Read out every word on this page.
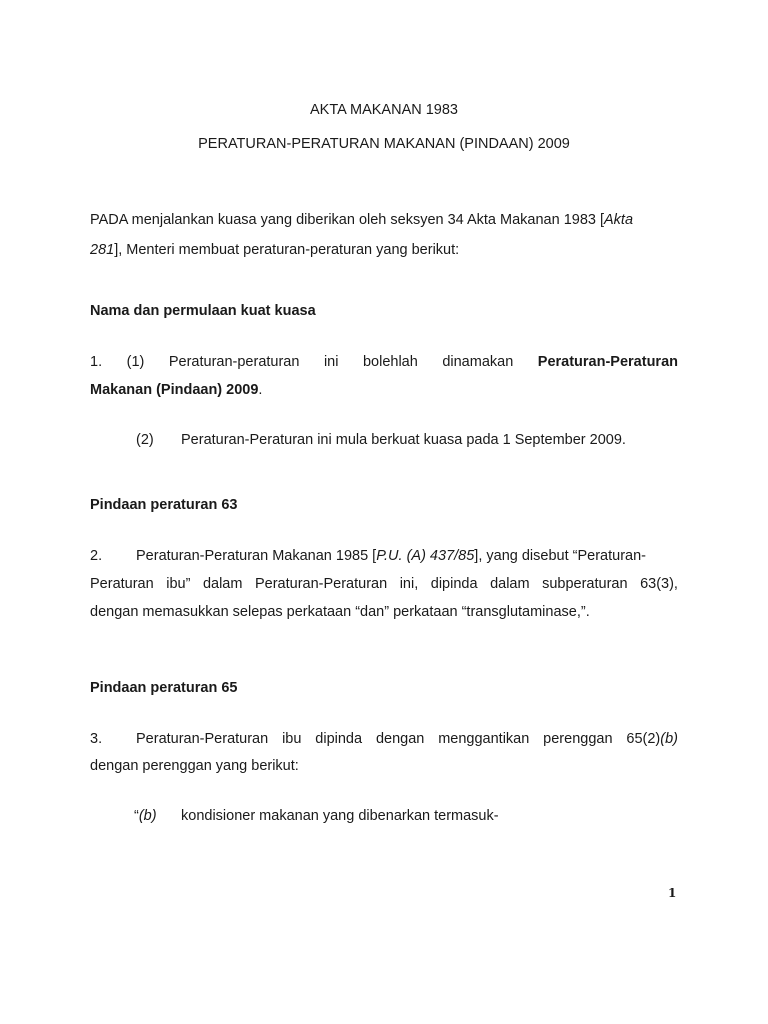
AKTA MAKANAN 1983
PERATURAN-PERATURAN MAKANAN (PINDAAN) 2009
PADA menjalankan kuasa yang diberikan oleh seksyen 34 Akta Makanan 1983 [Akta
281], Menteri membuat peraturan-peraturan yang berikut:
Nama dan permulaan kuat kuasa
1. (1) Peraturan-peraturan ini bolehlah dinamakan Peraturan-Peraturan
Makanan (Pindaan) 2009.
(2) Peraturan-Peraturan ini mula berkuat kuasa pada 1 September 2009.
Pindaan peraturan 63
2. Peraturan-Peraturan Makanan 1985 [P.U. (A) 437/85], yang disebut “Peraturan-
Peraturan ibu” dalam Peraturan-Peraturan ini, dipinda dalam subperaturan 63(3),
dengan memasukkan selepas perkataan “dan” perkataan “transglutaminase,”.
Pindaan peraturan 65
3. Peraturan-Peraturan ibu dipinda dengan menggantikan perenggan 65(2)(b)
dengan perenggan yang berikut:
“(b) kondisioner makanan yang dibenarkan termasuk-
1
